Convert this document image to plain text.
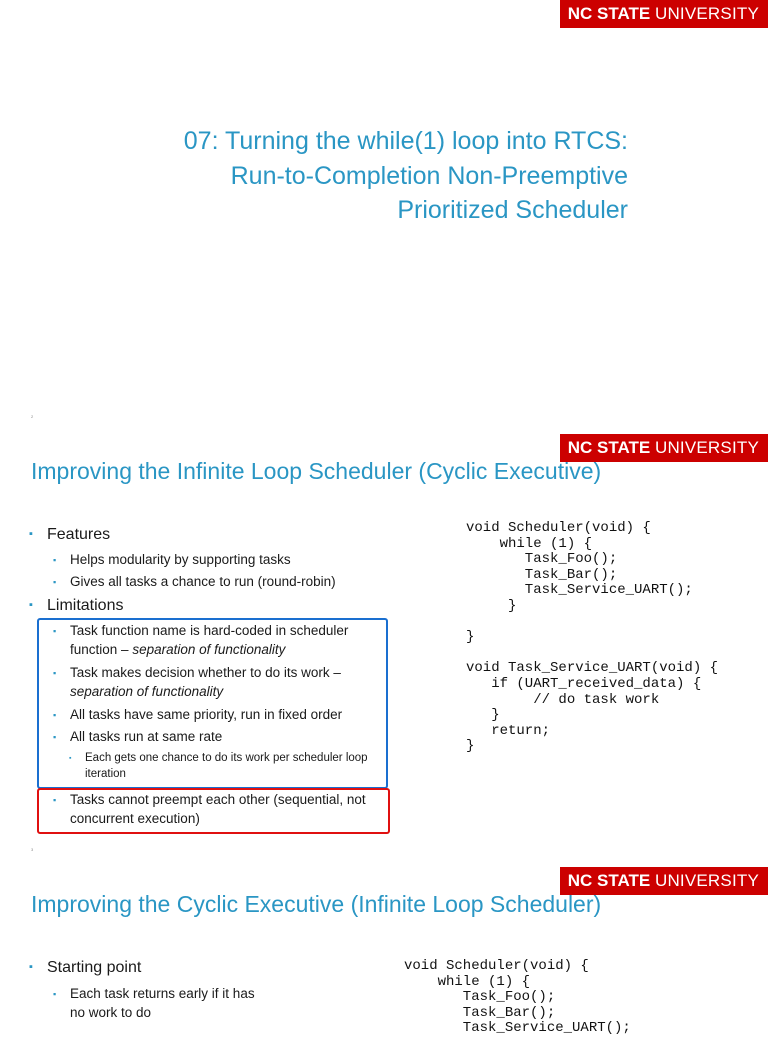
NC STATE UNIVERSITY
07: Turning the while(1) loop into RTCS:
Run-to-Completion Non-Preemptive
Prioritized Scheduler
2
NC STATE UNIVERSITY
Improving the Infinite Loop Scheduler (Cyclic Executive)
Features
▪ Helps modularity by supporting tasks
▪ Gives all tasks a chance to run (round-robin)
Limitations
▪ Task function name is hard-coded in scheduler function – separation of functionality
▪ Task makes decision whether to do its work – separation of functionality
▪ All tasks have same priority, run in fixed order
▪ All tasks run at same rate
▪ Each gets one chance to do its work per scheduler loop iteration
▪ Tasks cannot preempt each other (sequential, not concurrent execution)
void Scheduler(void) {
while (1) {
Task_Foo();
Task_Bar();
Task_Service_UART();
}

}

void Task_Service_UART(void) {
if (UART_received_data) {
// do task work
}
return;
}
3
NC STATE UNIVERSITY
Improving the Cyclic Executive (Infinite Loop Scheduler)
Starting point
▪ Each task returns early if it has no work to do
void Scheduler(void) {
while (1) {
Task_Foo();
Task_Bar();
Task_Service_UART();
